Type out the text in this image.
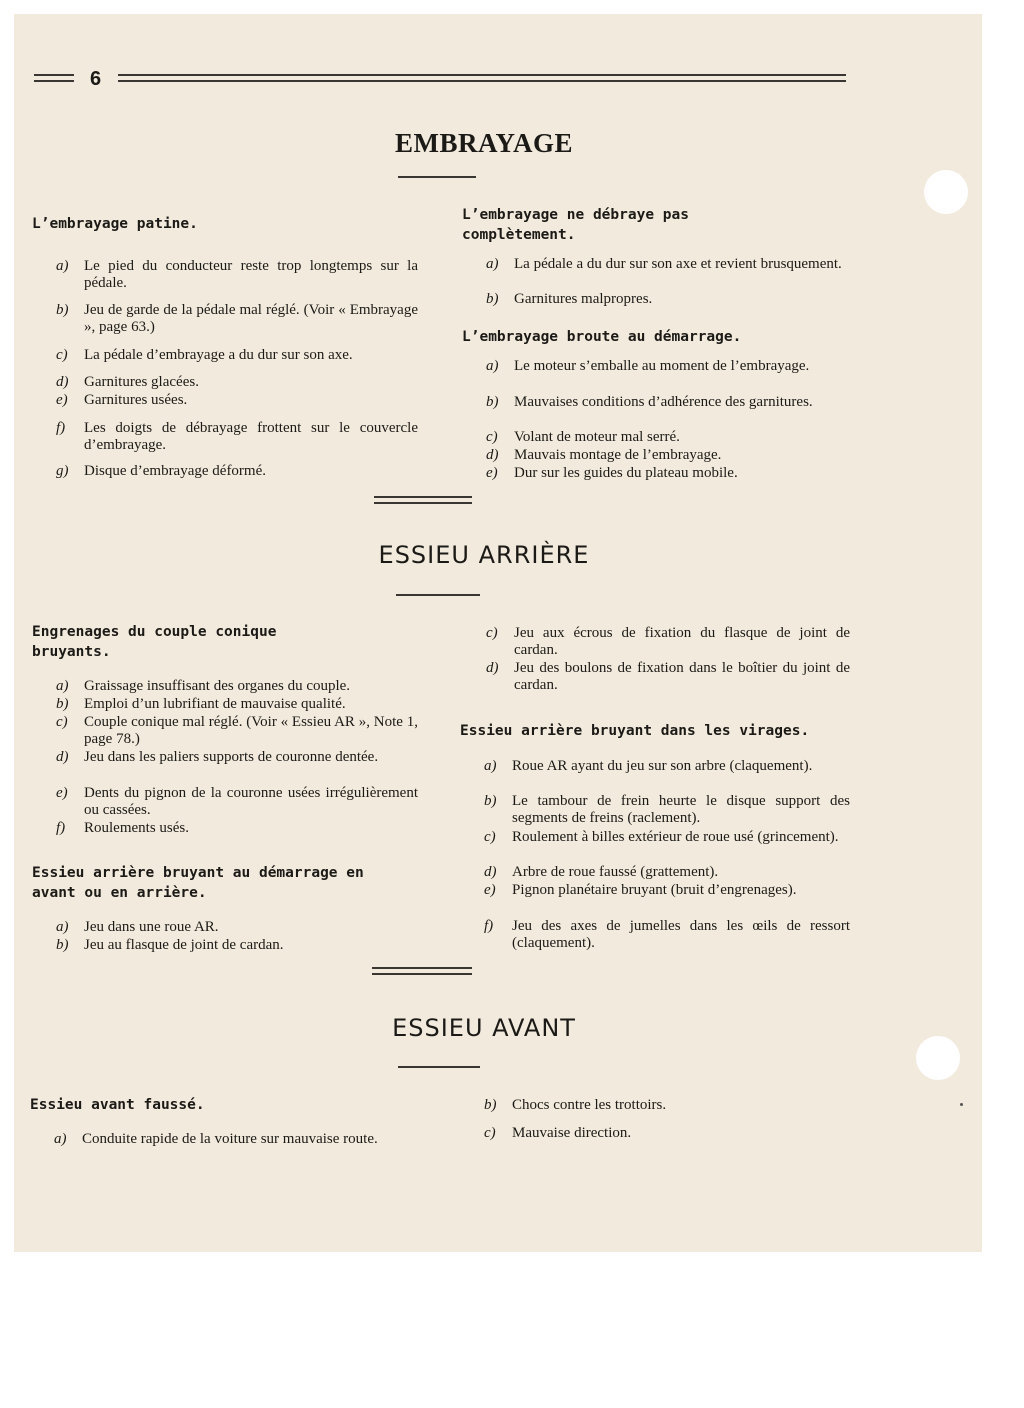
6
EMBRAYAGE
L’embrayage patine.
a)	Le pied du conducteur reste trop longtemps sur la pédale.
b)	Jeu de garde de la pédale mal réglé. (Voir « Embrayage », page 63.)
c)	La pédale d’embrayage a du dur sur son axe.
d)	Garnitures glacées.
e)	Garnitures usées.
f)	Les doigts de débrayage frottent sur le couvercle d’embrayage.
g)	Disque d’embrayage déformé.
L’embrayage ne débraye pas complètement.
a)	La pédale a du dur sur son axe et revient brusquement.
b)	Garnitures malpropres.
L’embrayage broute au démarrage.
a)	Le moteur s’emballe au moment de l’embrayage.
b)	Mauvaises conditions d’adhérence des garnitures.
c)	Volant de moteur mal serré.
d)	Mauvais montage de l’embrayage.
e)	Dur sur les guides du plateau mobile.
ESSIEU ARRIÈRE
Engrenages du couple conique bruyants.
a)	Graissage insuffisant des organes du couple.
b)	Emploi d’un lubrifiant de mauvaise qualité.
c)	Couple conique mal réglé. (Voir « Essieu AR », Note 1, page 78.)
d)	Jeu dans les paliers supports de couronne dentée.
e)	Dents du pignon de la couronne usées irrégulièrement ou cassées.
f)	Roulements usés.
Essieu arrière bruyant au démarrage en avant ou en arrière.
a)	Jeu dans une roue AR.
b)	Jeu au flasque de joint de cardan.
c)	Jeu aux écrous de fixation du flasque de joint de cardan.
d)	Jeu des boulons de fixation dans le boîtier du joint de cardan.
Essieu arrière bruyant dans les virages.
a)	Roue AR ayant du jeu sur son arbre (claquement).
b)	Le tambour de frein heurte le disque support des segments de freins (raclement).
c)	Roulement à billes extérieur de roue usé (grincement).
d)	Arbre de roue faussé (grattement).
e)	Pignon planétaire bruyant (bruit d’engrenages).
f)	Jeu des axes de jumelles dans les œils de ressort (claquement).
ESSIEU AVANT
Essieu avant faussé.
a)	Conduite rapide de la voiture sur mauvaise route.
b)	Chocs contre les trottoirs.
c)	Mauvaise direction.
